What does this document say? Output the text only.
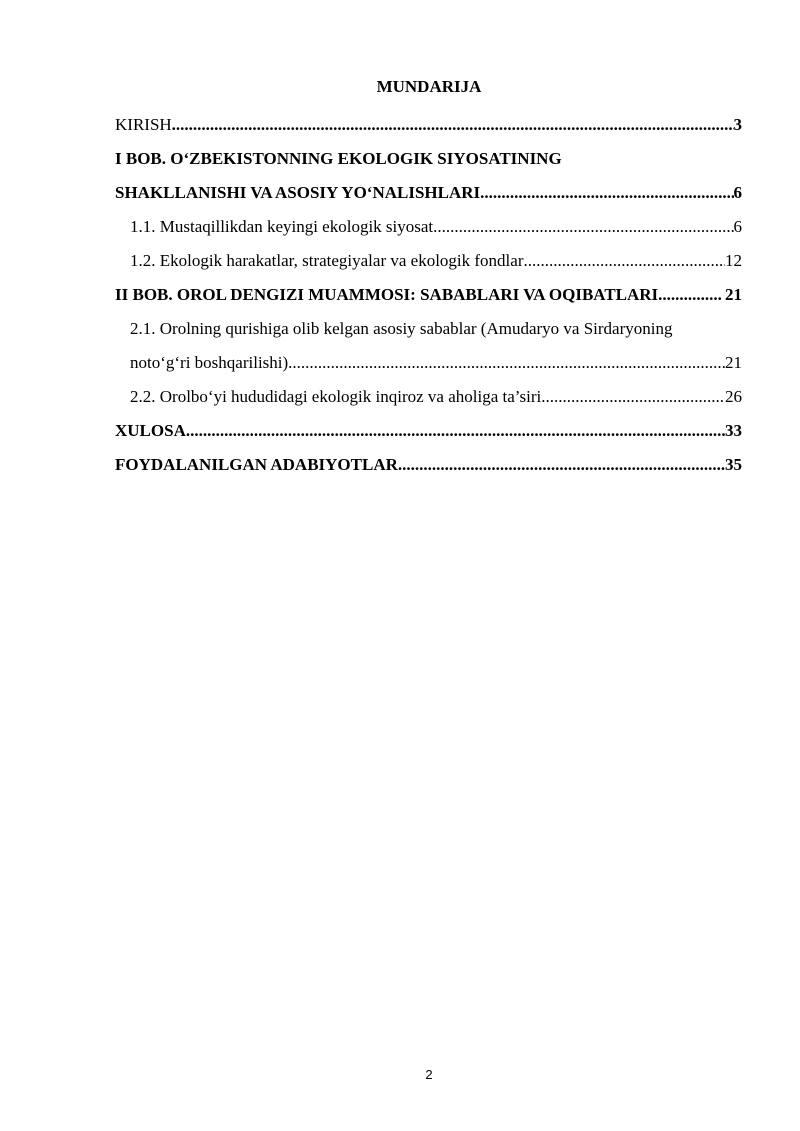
MUNDARIJA
KIRISH .....	3
I BOB. O‘ZBEKISTONNING EKOLOGIK SIYOSATINING
SHAKLLANISHI VA ASOSIY YO‘NALISHLARI .....	6
1.1. Mustaqillikdan keyingi ekologik siyosat .....	6
1.2. Ekologik harakatlar, strategiyalar va ekologik fondlar .....	12
II BOB. OROL DENGIZI MUAMMOSI: SABABLARI VA OQIBATLARI .....	21
2.1. Orolning qurishiga olib kelgan asosiy sabablar (Amudaryo va Sirdaryoning
noto‘g‘ri boshqarilishi) .....	21
2.2. Orolbo‘yi hududidagi ekologik inqiroz va aholiga ta’siri .....	26
XULOSA .....	33
FOYDALANILGAN ADABIYOTLAR .....	35
2
